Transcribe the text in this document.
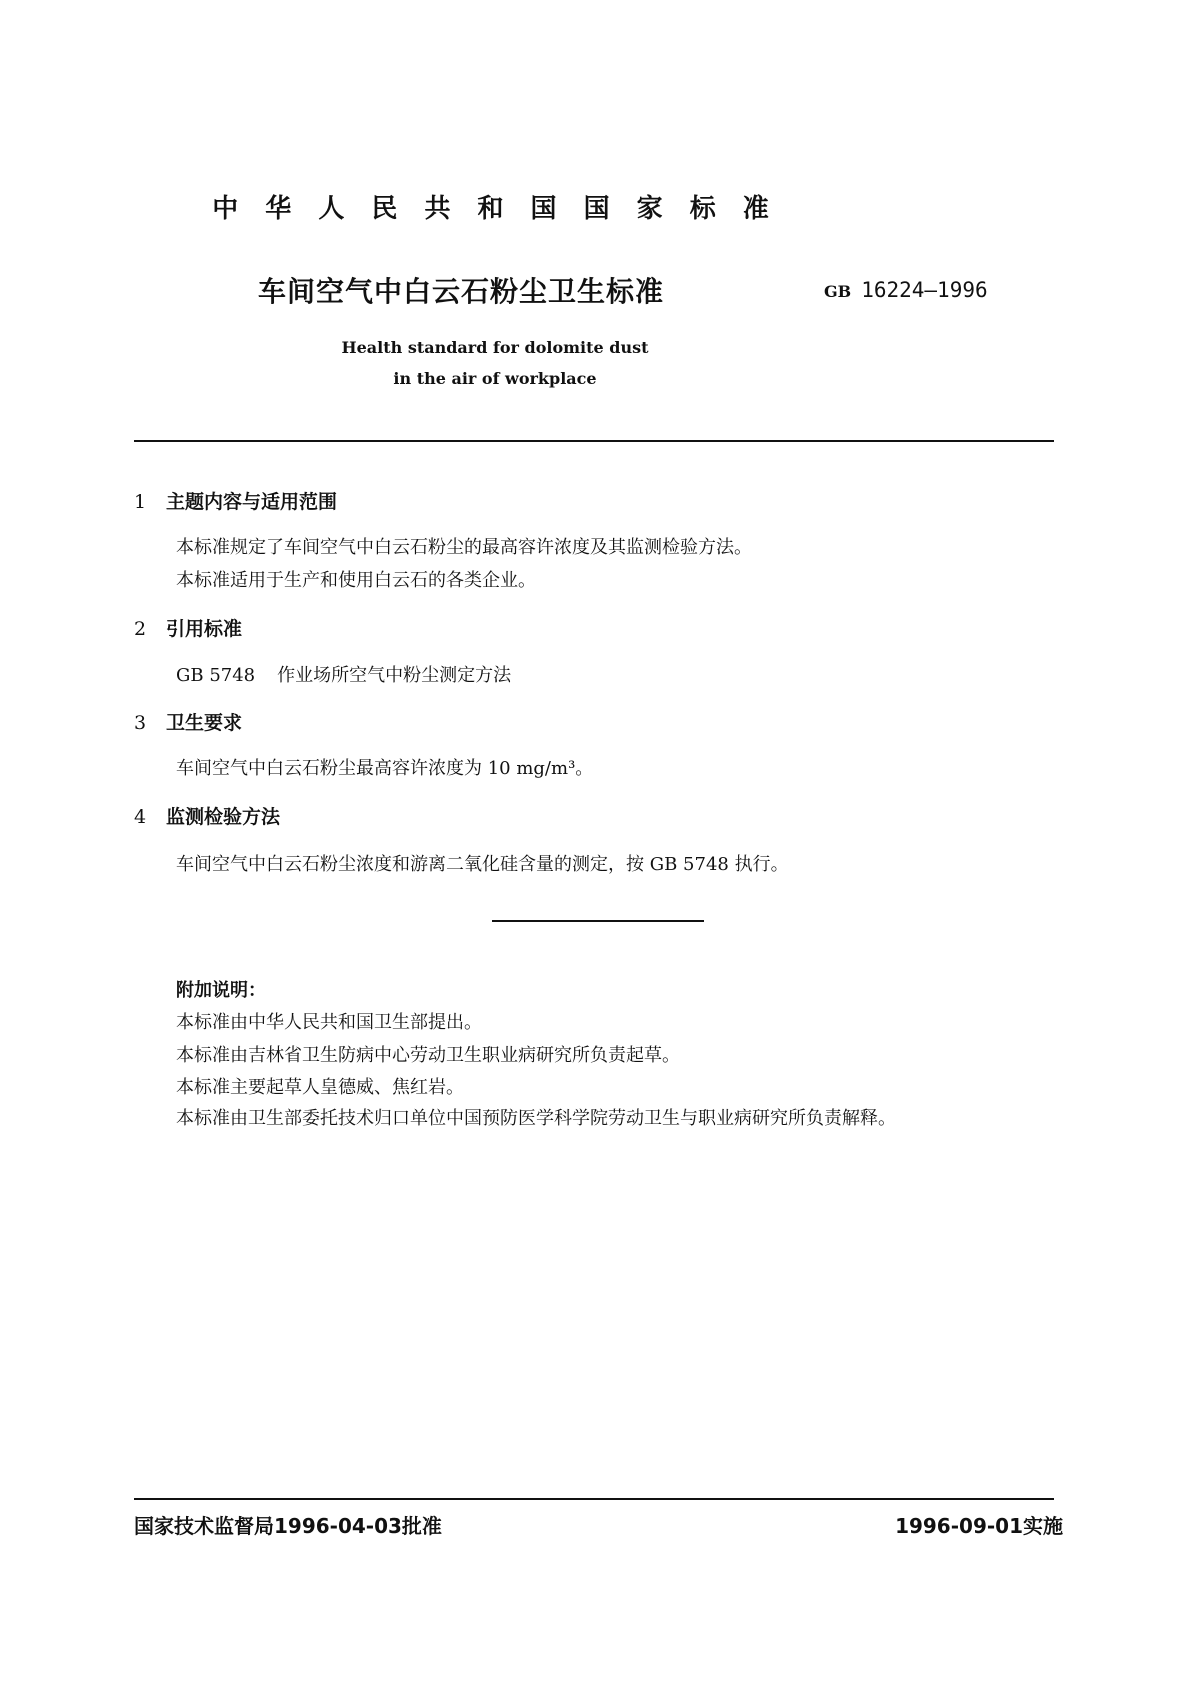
中 华 人 民 共 和 国 国 家 标 准
车间空气中白云石粉尘卫生标准	GB 16224—1996
Health standard for dolomite dust
in the air of workplace
1 主题内容与适用范围
本标准规定了车间空气中白云石粉尘的最高容许浓度及其监测检验方法。
本标准适用于生产和使用白云石的各类企业。
2 引用标准
GB 5748 作业场所空气中粉尘测定方法
3 卫生要求
车间空气中白云石粉尘最高容许浓度为 10 mg/m³。
4 监测检验方法
车间空气中白云石粉尘浓度和游离二氧化硅含量的测定，按 GB 5748 执行。
附加说明：
本标准由中华人民共和国卫生部提出。
本标准由吉林省卫生防病中心劳动卫生职业病研究所负责起草。
本标准主要起草人皇德威、焦红岩。
本标准由卫生部委托技术归口单位中国预防医学科学院劳动卫生与职业病研究所负责解释。
国家技术监督局1996-04-03批准	1996-09-01实施
